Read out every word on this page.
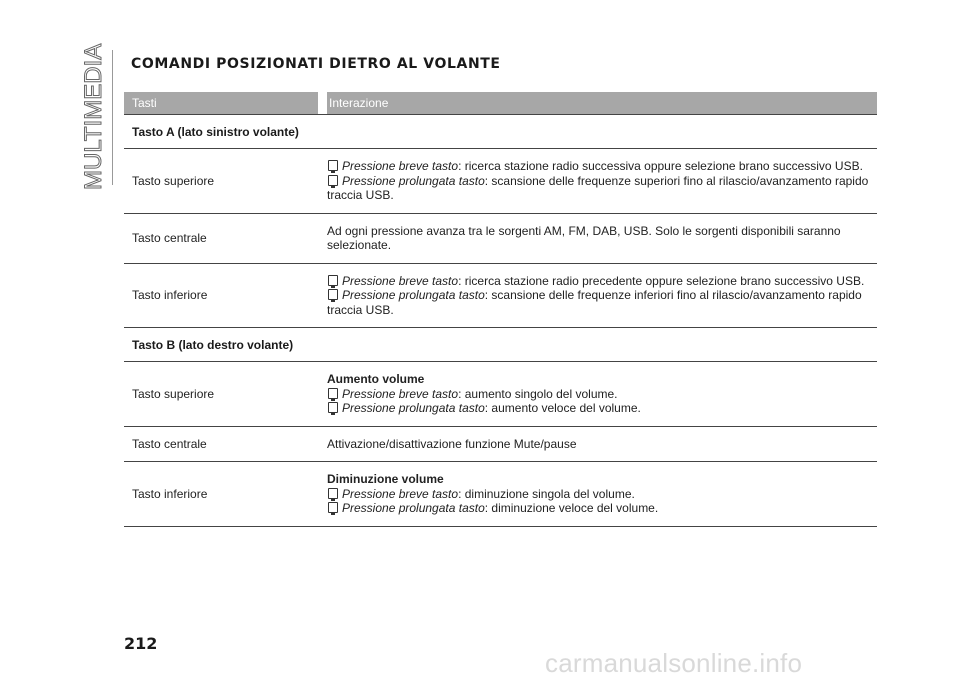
MULTIMEDIA COMANDI POSIZIONATI DIETRO AL VOLANTE
Tasti	Interazione
Tasto A (lato sinistro volante)
Tasto superiore
Pressione breve tasto: ricerca stazione radio successiva oppure selezione brano successivo USB.
Pressione prolungata tasto: scansione delle frequenze superiori fino al rilascio/avanzamento rapido
traccia USB.
Tasto centrale
Ad ogni pressione avanza tra le sorgenti AM, FM, DAB, USB. Solo le sorgenti disponibili saranno
selezionate.
Tasto inferiore
Pressione breve tasto: ricerca stazione radio precedente oppure selezione brano successivo USB.
Pressione prolungata tasto: scansione delle frequenze inferiori fino al rilascio/avanzamento rapido
traccia USB.
Tasto B (lato destro volante)
Tasto superiore
Aumento volume
Pressione breve tasto: aumento singolo del volume.
Pressione prolungata tasto: aumento veloce del volume.
Tasto centrale	Attivazione/disattivazione funzione Mute/pause
Tasto inferiore
Diminuzione volume
Pressione breve tasto: diminuzione singola del volume.
Pressione prolungata tasto: diminuzione veloce del volume.
212
carmanualsonline.info
